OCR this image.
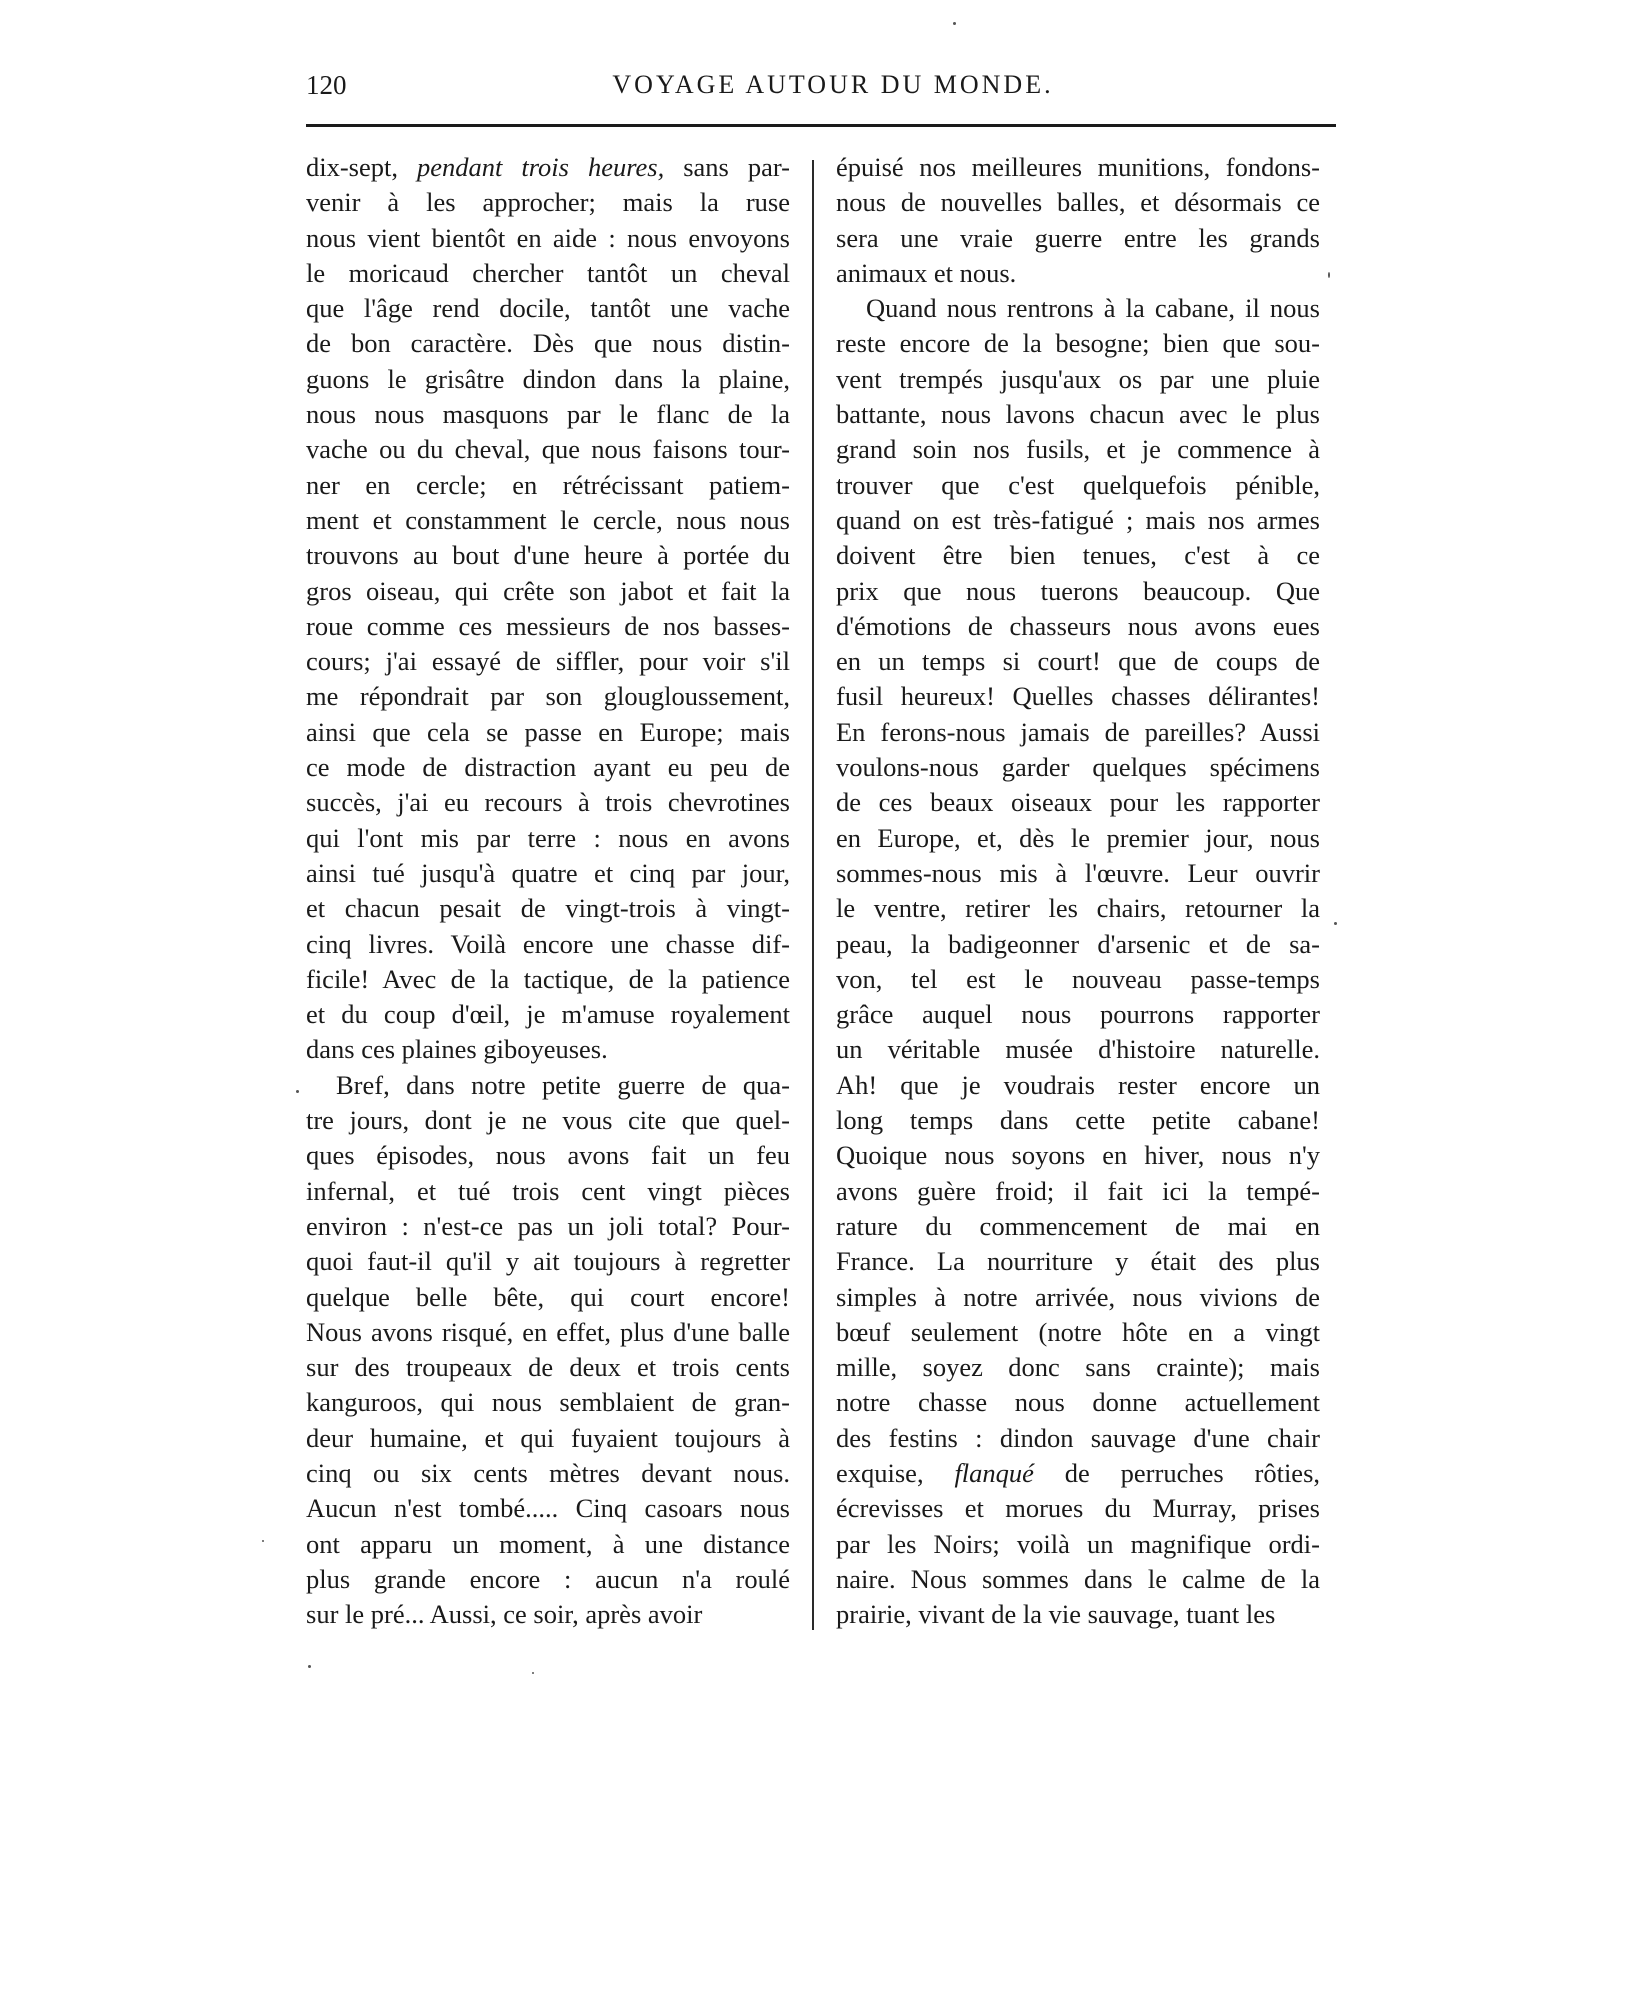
120	VOYAGE AUTOUR DU MONDE.
dix-sept, pendant trois heures, sans par-
venir à les approcher; mais la ruse
nous vient bientôt en aide : nous envoyons
le moricaud chercher tantôt un cheval
que l'âge rend docile, tantôt une vache
de bon caractère. Dès que nous distin-
guons le grisâtre dindon dans la plaine,
nous nous masquons par le flanc de la
vache ou du cheval, que nous faisons tour-
ner en cercle; en rétrécissant patiem-
ment et constamment le cercle, nous nous
trouvons au bout d'une heure à portée du
gros oiseau, qui crête son jabot et fait la
roue comme ces messieurs de nos basses-
cours; j'ai essayé de siffler, pour voir s'il
me répondrait par son glougloussement,
ainsi que cela se passe en Europe; mais
ce mode de distraction ayant eu peu de
succès, j'ai eu recours à trois chevrotines
qui l'ont mis par terre : nous en avons
ainsi tué jusqu'à quatre et cinq par jour,
et chacun pesait de vingt-trois à vingt-
cinq livres. Voilà encore une chasse dif-
ficile! Avec de la tactique, de la patience
et du coup d'œil, je m'amuse royalement
dans ces plaines giboyeuses.
Bref, dans notre petite guerre de qua-
tre jours, dont je ne vous cite que quel-
ques épisodes, nous avons fait un feu
infernal, et tué trois cent vingt pièces
environ : n'est-ce pas un joli total? Pour-
quoi faut-il qu'il y ait toujours à regretter
quelque belle bête, qui court encore!
Nous avons risqué, en effet, plus d'une balle
sur des troupeaux de deux et trois cents
kanguroos, qui nous semblaient de gran-
deur humaine, et qui fuyaient toujours à
cinq ou six cents mètres devant nous.
Aucun n'est tombé..... Cinq casoars nous
ont apparu un moment, à une distance
plus grande encore : aucun n'a roulé
sur le pré... Aussi, ce soir, après avoir
épuisé nos meilleures munitions, fondons-
nous de nouvelles balles, et désormais ce
sera une vraie guerre entre les grands
animaux et nous.
Quand nous rentrons à la cabane, il nous
reste encore de la besogne; bien que sou-
vent trempés jusqu'aux os par une pluie
battante, nous lavons chacun avec le plus
grand soin nos fusils, et je commence à
trouver que c'est quelquefois pénible,
quand on est très-fatigué ; mais nos armes
doivent être bien tenues, c'est à ce
prix que nous tuerons beaucoup. Que
d'émotions de chasseurs nous avons eues
en un temps si court! que de coups de
fusil heureux! Quelles chasses délirantes!
En ferons-nous jamais de pareilles? Aussi
voulons-nous garder quelques spécimens
de ces beaux oiseaux pour les rapporter
en Europe, et, dès le premier jour, nous
sommes-nous mis à l'œuvre. Leur ouvrir
le ventre, retirer les chairs, retourner la
peau, la badigeonner d'arsenic et de sa-
von, tel est le nouveau passe-temps
grâce auquel nous pourrons rapporter
un véritable musée d'histoire naturelle.
Ah! que je voudrais rester encore un
long temps dans cette petite cabane!
Quoique nous soyons en hiver, nous n'y
avons guère froid; il fait ici la tempé-
rature du commencement de mai en
France. La nourriture y était des plus
simples à notre arrivée, nous vivions de
bœuf seulement (notre hôte en a vingt
mille, soyez donc sans crainte); mais
notre chasse nous donne actuellement
des festins : dindon sauvage d'une chair
exquise, flanqué de perruches rôties,
écrevisses et morues du Murray, prises
par les Noirs; voilà un magnifique ordi-
naire. Nous sommes dans le calme de la
prairie, vivant de la vie sauvage, tuant les
